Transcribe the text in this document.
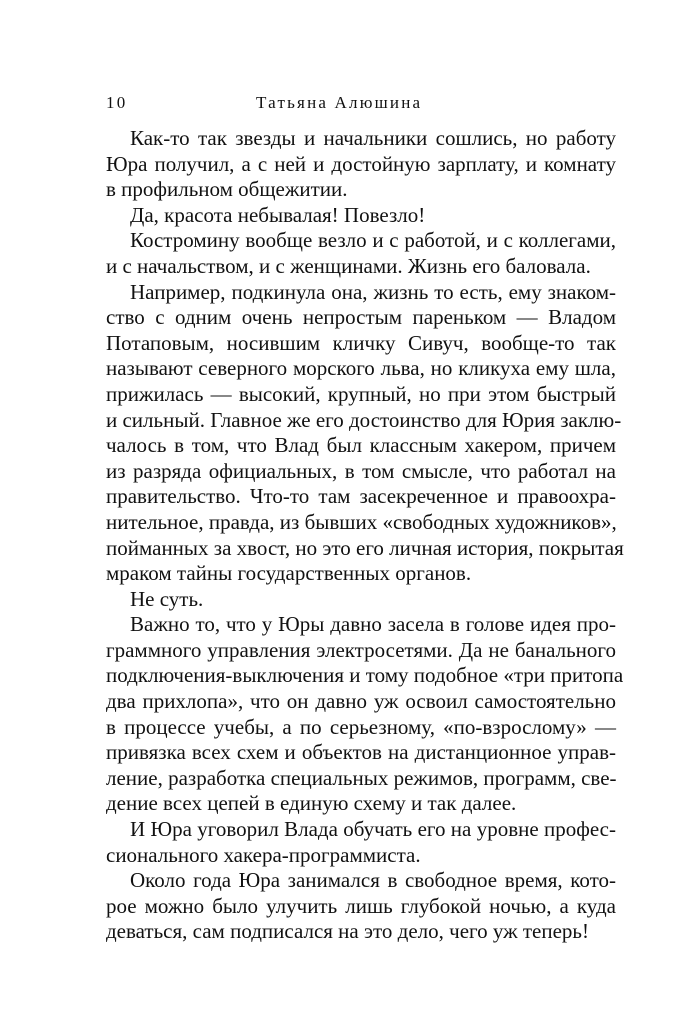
10	Татьяна Алюшина
Как-то так звезды и начальники сошлись, но работу
Юра получил, а с ней и достойную зарплату, и комнату
в профильном общежитии.
Да, красота небывалая! Повезло!
Костромину вообще везло и с работой, и с коллегами,
и с начальством, и с женщинами. Жизнь его баловала.
Например, подкинула она, жизнь то есть, ему знаком-
ство с одним очень непростым пареньком — Владом
Потаповым, носившим кличку Сивуч, вообще-то так
называют северного морского льва, но кликуха ему шла,
прижилась — высокий, крупный, но при этом быстрый
и сильный. Главное же его достоинство для Юрия заклю-
чалось в том, что Влад был классным хакером, причем
из разряда официальных, в том смысле, что работал на
правительство. Что-то там засекреченное и правоохра-
нительное, правда, из бывших «свободных художников»,
пойманных за хвост, но это его личная история, покрытая
мраком тайны государственных органов.
Не суть.
Важно то, что у Юры давно засела в голове идея про-
граммного управления электросетями. Да не банального
подключения-выключения и тому подобное «три притопа
два прихлопа», что он давно уж освоил самостоятельно
в процессе учебы, а по серьезному, «по-взрослому» —
привязка всех схем и объектов на дистанционное управ-
ление, разработка специальных режимов, программ, све-
дение всех цепей в единую схему и так далее.
И Юра уговорил Влада обучать его на уровне профес-
сионального хакера-программиста.
Около года Юра занимался в свободное время, кото-
рое можно было улучить лишь глубокой ночью, а куда
деваться, сам подписался на это дело, чего уж теперь!
